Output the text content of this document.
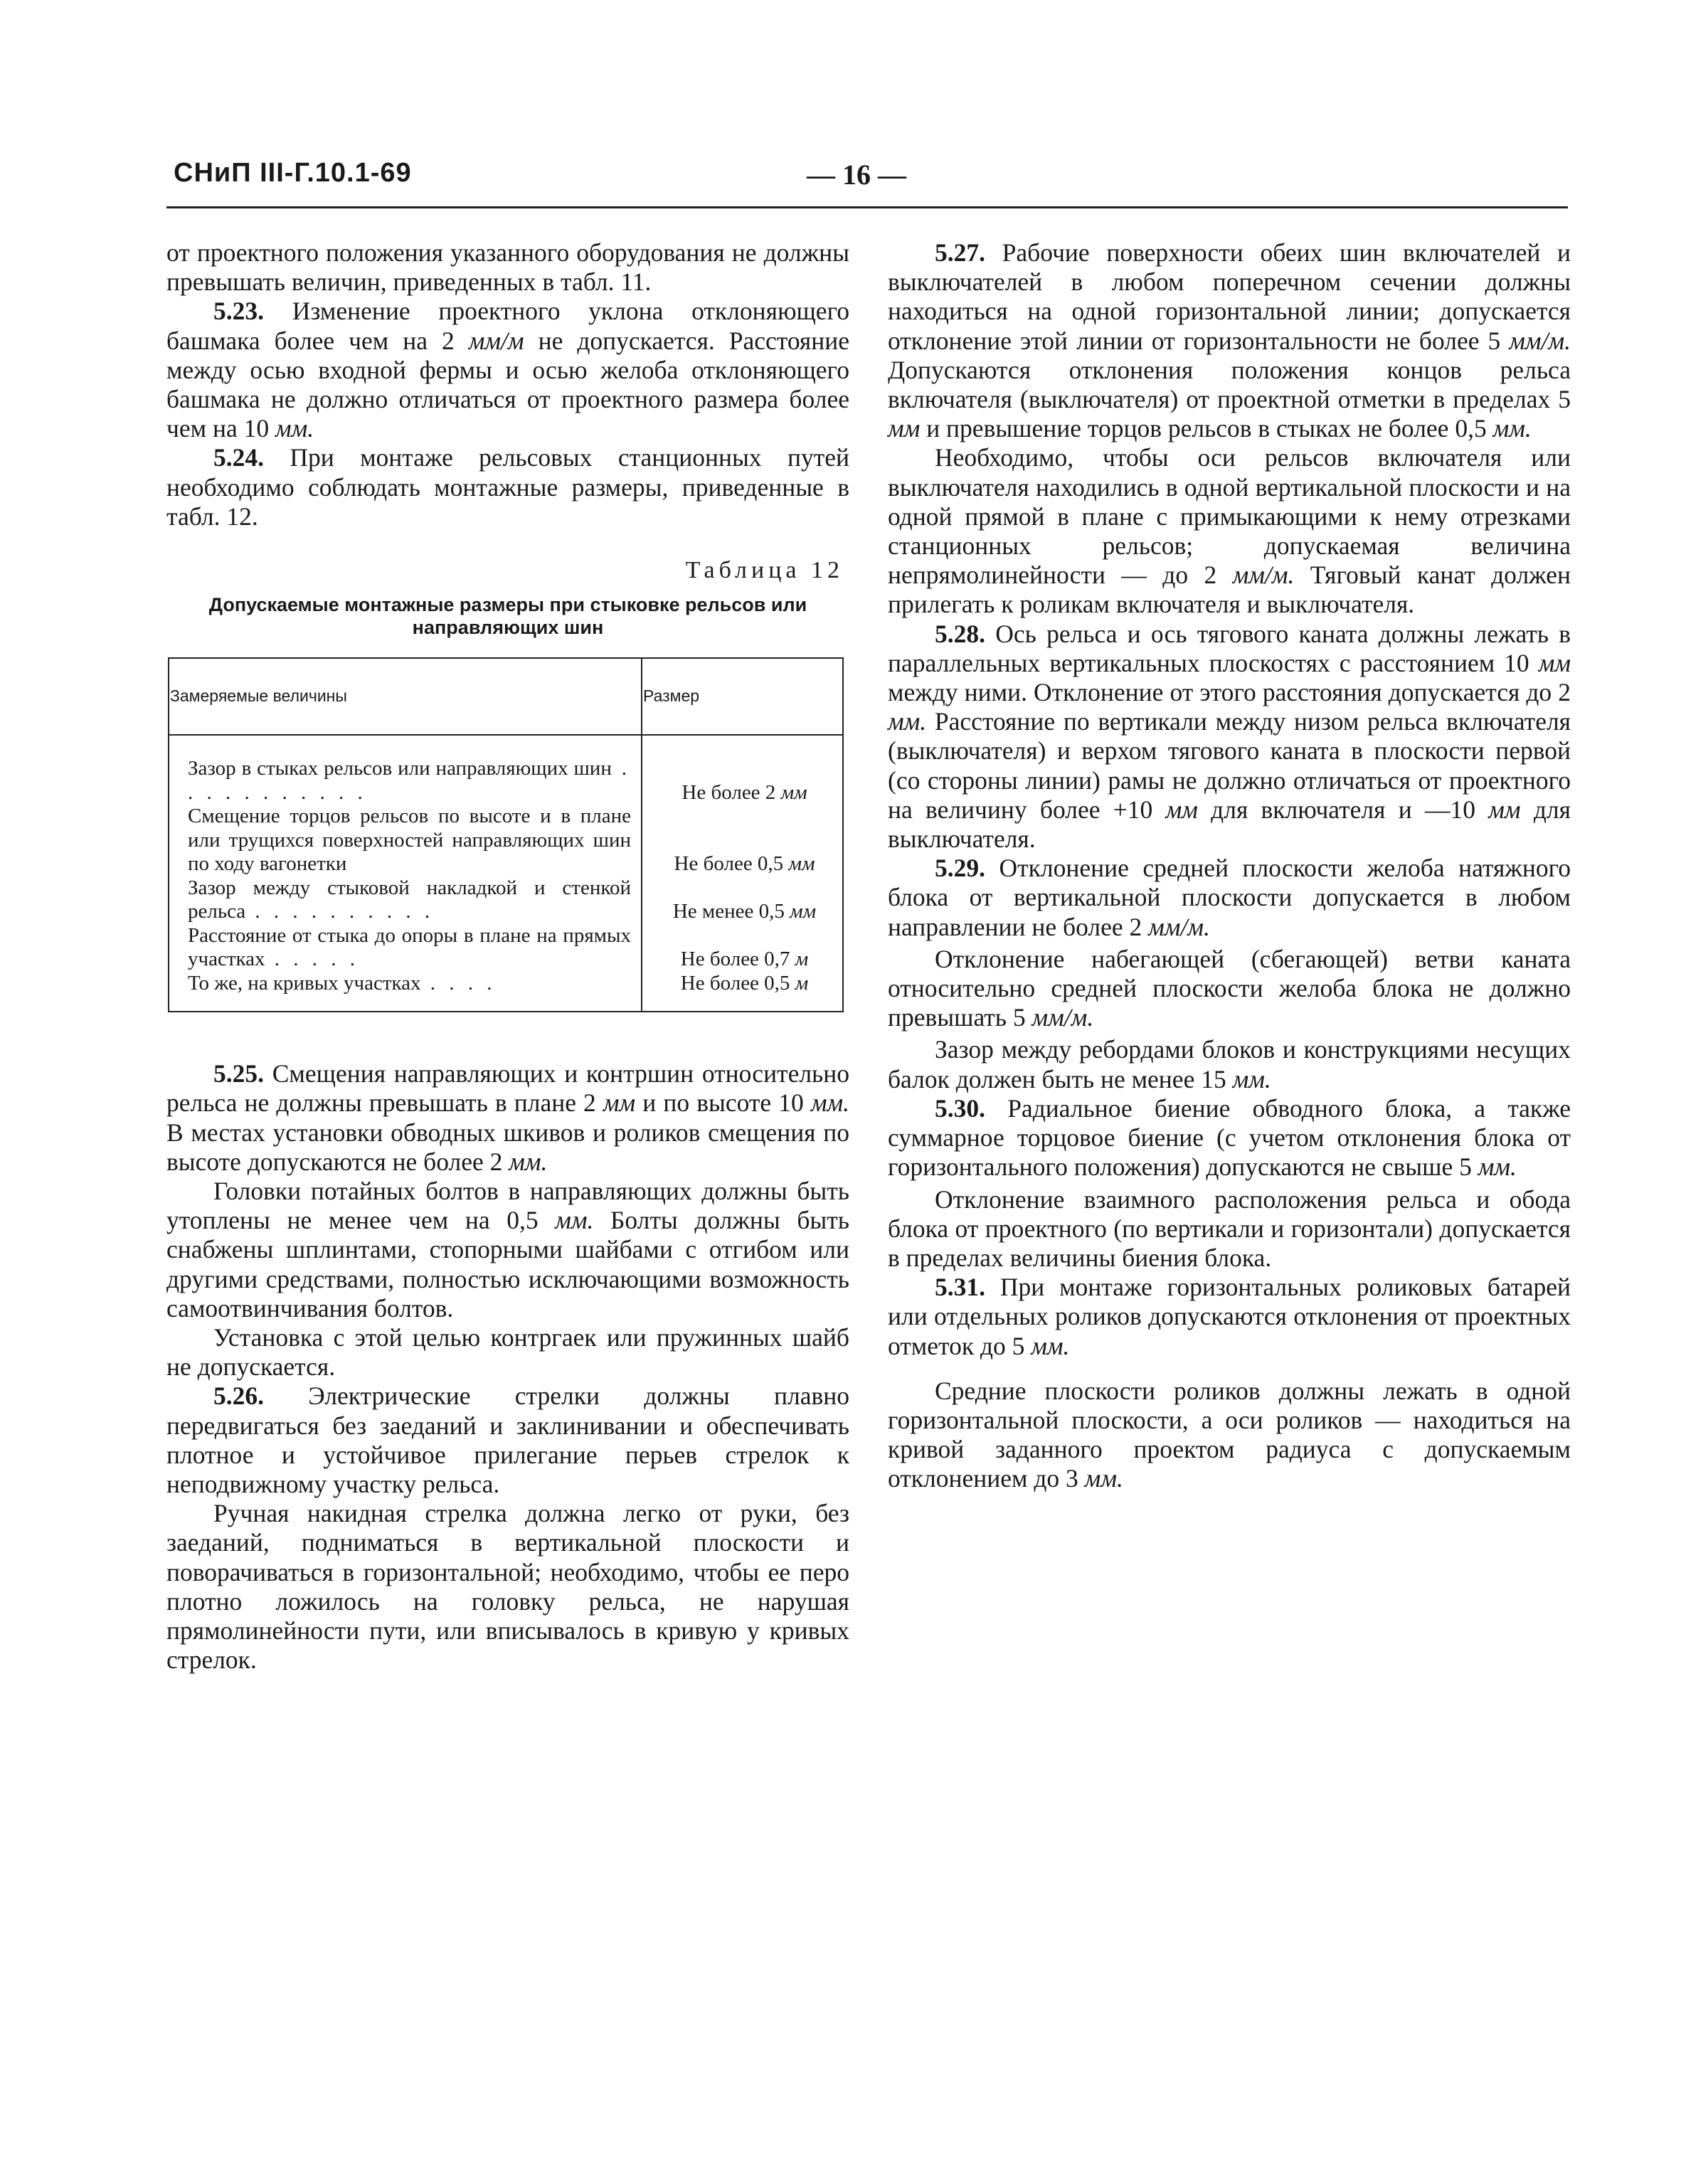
СНиП III-Г.10.1-69	— 16 —

от проектного положения указанного оборудования не должны превышать величин, приведенных в табл. 11.

5.23. Изменение проектного уклона отклоняющего башмака более чем на 2 мм/м не допускается. Расстояние между осью входной фермы и осью желоба отклоняющего башмака не должно отличаться от проектного размера более чем на 10 мм.

5.24. При монтаже рельсовых станционных путей необходимо соблюдать монтажные размеры, приведенные в табл. 12.

Таблица 12
Допускаемые монтажные размеры при стыковке рельсов или направляющих шин
Замеряемые величины	Размер
Зазор в стыках рельсов или направляющих шин . . . . . . . . . . .	Не более 2 мм
Смещение торцов рельсов по высоте и в плане или трущихся поверхностей направляющих шин по ходу вагонетки	Не более 0,5 мм
Зазор между стыковой накладкой и стенкой рельса . . . . . . . . . .	Не менее 0,5 мм
Расстояние от стыка до опоры в плане на прямых участках . . . . .	Не более 0,7 м
То же, на кривых участках . . . .	Не более 0,5 м

5.25. Смещения направляющих и контршин относительно рельса не должны превышать в плане 2 мм и по высоте 10 мм. В местах установки обводных шкивов и роликов смещения по высоте допускаются не более 2 мм.

Головки потайных болтов в направляющих должны быть утоплены не менее чем на 0,5 мм. Болты должны быть снабжены шплинтами, стопорными шайбами с отгибом или другими средствами, полностью исключающими возможность самоотвинчивания болтов.

Установка с этой целью контргаек или пружинных шайб не допускается.

5.26. Электрические стрелки должны плавно передвигаться без заеданий и заклинивании и обеспечивать плотное и устойчивое прилегание перьев стрелок к неподвижному участку рельса.

Ручная накидная стрелка должна легко от руки, без заеданий, подниматься в вертикальной плоскости и поворачиваться в горизонтальной; необходимо, чтобы ее перо плотно ложилось на головку рельса, не нарушая прямолинейности пути, или вписывалось в кривую у кривых стрелок.

5.27. Рабочие поверхности обеих шин включателей и выключателей в любом поперечном сечении должны находиться на одной горизонтальной линии; допускается отклонение этой линии от горизонтальности не более 5 мм/м. Допускаются отклонения положения концов рельса включателя (выключателя) от проектной отметки в пределах 5 мм и превышение торцов рельсов в стыках не более 0,5 мм.

Необходимо, чтобы оси рельсов включателя или выключателя находились в одной вертикальной плоскости и на одной прямой в плане с примыкающими к нему отрезками станционных рельсов; допускаемая величина непрямолинейности — до 2 мм/м. Тяговый канат должен прилегать к роликам включателя и выключателя.

5.28. Ось рельса и ось тягового каната должны лежать в параллельных вертикальных плоскостях с расстоянием 10 мм между ними. Отклонение от этого расстояния допускается до 2 мм. Расстояние по вертикали между низом рельса включателя (выключателя) и верхом тягового каната в плоскости первой (со стороны линии) рамы не должно отличаться от проектного на величину более +10 мм для включателя и —10 мм для выключателя.

5.29. Отклонение средней плоскости желоба натяжного блока от вертикальной плоскости допускается в любом направлении не более 2 мм/м.

Отклонение набегающей (сбегающей) ветви каната относительно средней плоскости желоба блока не должно превышать 5 мм/м.

Зазор между ребордами блоков и конструкциями несущих балок должен быть не менее 15 мм.

5.30. Радиальное биение обводного блока, а также суммарное торцовое биение (с учетом отклонения блока от горизонтального положения) допускаются не свыше 5 мм.

Отклонение взаимного расположения рельса и обода блока от проектного (по вертикали и горизонтали) допускается в пределах величины биения блока.

5.31. При монтаже горизонтальных роликовых батарей или отдельных роликов допускаются отклонения от проектных отметок до 5 мм.

Средние плоскости роликов должны лежать в одной горизонтальной плоскости, а оси роликов — находиться на кривой заданного проектом радиуса с допускаемым отклонением до 3 мм.
